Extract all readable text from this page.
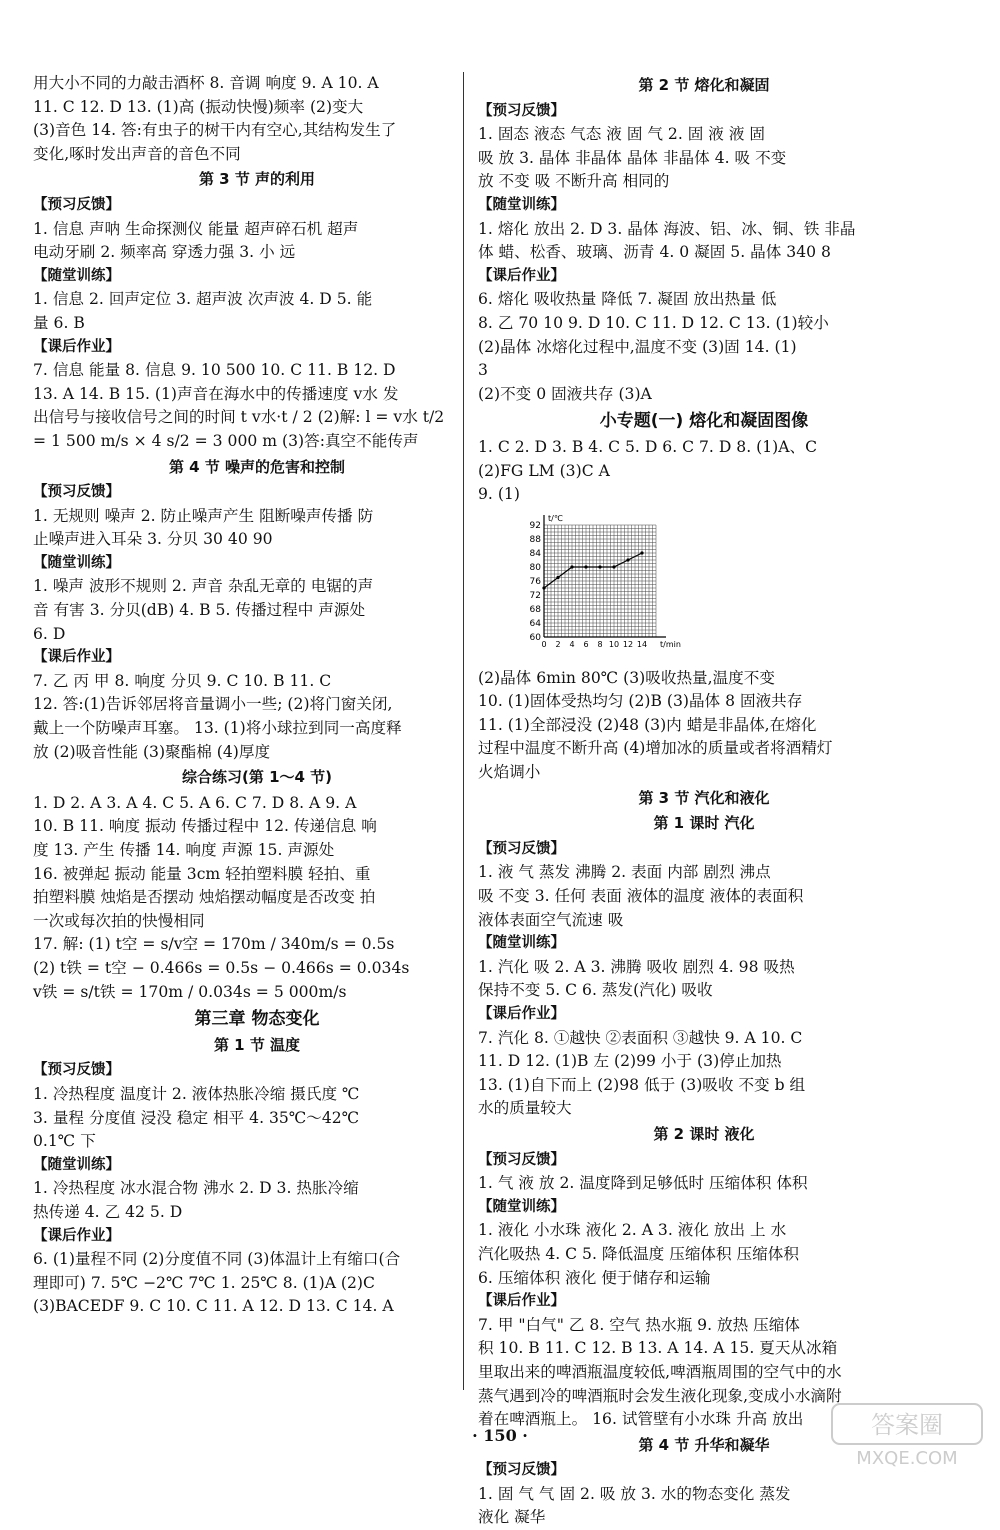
用大小不同的力敲击酒杯 8. 音调 响度 9. A 10. A
11. C 12. D 13. (1)高 (振动快慢)频率 (2)变大
(3)音色 14. 答:有虫子的树干内有空心,其结构发生了
变化,啄时发出声音的音色不同
第 3 节 声的利用
【预习反馈】
1. 信息 声呐 生命探测仪 能量 超声碎石机 超声
电动牙刷 2. 频率高 穿透力强 3. 小 远
【随堂训练】
1. 信息 2. 回声定位 3. 超声波 次声波 4. D 5. 能
量 6. B
【课后作业】
7. 信息 能量 8. 信息 9. 10 500 10. C 11. B 12. D
13. A 14. B 15. (1)声音在海水中的传播速度 v水 发
出信号与接收信号之间的时间 t v水·t / 2 (2)解: l = v水 t/2
= 1 500 m/s × 4 s/2 = 3 000 m (3)答:真空不能传声
第 4 节 噪声的危害和控制
【预习反馈】
1. 无规则 噪声 2. 防止噪声产生 阻断噪声传播 防
止噪声进入耳朵 3. 分贝 30 40 90
【随堂训练】
1. 噪声 波形不规则 2. 声音 杂乱无章的 电锯的声
音 有害 3. 分贝(dB) 4. B 5. 传播过程中 声源处
6. D
【课后作业】
7. 乙 丙 甲 8. 响度 分贝 9. C 10. B 11. C
12. 答:(1)告诉邻居将音量调小一些; (2)将门窗关闭,
戴上一个防噪声耳塞。 13. (1)将小球拉到同一高度释
放 (2)吸音性能 (3)聚酯棉 (4)厚度
综合练习(第 1～4 节)
1. D 2. A 3. A 4. C 5. A 6. C 7. D 8. A 9. A
10. B 11. 响度 振动 传播过程中 12. 传递信息 响
度 13. 产生 传播 14. 响度 声源 15. 声源处
16. 被弹起 振动 能量 3cm 轻拍塑料膜 轻拍、重
拍塑料膜 烛焰是否摆动 烛焰摆动幅度是否改变 拍
一次或每次拍的快慢相同
17. 解: (1) t空 = s/v空 = 170m / 340m/s = 0.5s
(2) t铁 = t空 − 0.466s = 0.5s − 0.466s = 0.034s
v铁 = s/t铁 = 170m / 0.034s = 5 000m/s
第三章 物态变化
第 1 节 温度
【预习反馈】
1. 冷热程度 温度计 2. 液体热胀冷缩 摄氏度 ℃
3. 量程 分度值 浸没 稳定 相平 4. 35℃～42℃
0.1℃ 下
【随堂训练】
1. 冷热程度 冰水混合物 沸水 2. D 3. 热胀冷缩
热传递 4. 乙 42 5. D
【课后作业】
6. (1)量程不同 (2)分度值不同 (3)体温计上有缩口(合
理即可) 7. 5℃ −2℃ 7℃ 1. 25℃ 8. (1)A (2)C
(3)BACEDF 9. C 10. C 11. A 12. D 13. C 14. A
第 2 节 熔化和凝固
【预习反馈】
1. 固态 液态 气态 液 固 气 2. 固 液 液 固
吸 放 3. 晶体 非晶体 晶体 非晶体 4. 吸 不变
放 不变 吸 不断升高 相同的
【随堂训练】
1. 熔化 放出 2. D 3. 晶体 海波、铝、冰、铜、铁 非晶
体 蜡、松香、玻璃、沥青 4. 0 凝固 5. 晶体 340 8
【课后作业】
6. 熔化 吸收热量 降低 7. 凝固 放出热量 低
8. 乙 70 10 9. D 10. C 11. D 12. C 13. (1)较小
(2)晶体 冰熔化过程中,温度不变 (3)固 14. (1)
3
(2)不变 0 固液共存 (3)A
小专题(一) 熔化和凝固图像
1. C 2. D 3. B 4. C 5. D 6. C 7. D 8. (1)A、C
(2)FG LM (3)C A
9. (1)
60
64
68
72
76
80
84
88
92
0 2 4 6 8 10 12 14 t/min
t/℃
(2)晶体 6min 80℃ (3)吸收热量,温度不变
10. (1)固体受热均匀 (2)B (3)晶体 8 固液共存
11. (1)全部浸没 (2)48 (3)内 蜡是非晶体,在熔化
过程中温度不断升高 (4)增加冰的质量或者将酒精灯
火焰调小
第 3 节 汽化和液化
第 1 课时 汽化
【预习反馈】
1. 液 气 蒸发 沸腾 2. 表面 内部 剧烈 沸点
吸 不变 3. 任何 表面 液体的温度 液体的表面积
液体表面空气流速 吸
【随堂训练】
1. 汽化 吸 2. A 3. 沸腾 吸收 剧烈 4. 98 吸热
保持不变 5. C 6. 蒸发(汽化) 吸收
【课后作业】
7. 汽化 8. ①越快 ②表面积 ③越快 9. A 10. C
11. D 12. (1)B 左 (2)99 小于 (3)停止加热
13. (1)自下而上 (2)98 低于 (3)吸收 不变 b 组
水的质量较大
第 2 课时 液化
【预习反馈】
1. 气 液 放 2. 温度降到足够低时 压缩体积 体积
【随堂训练】
1. 液化 小水珠 液化 2. A 3. 液化 放出 上 水
汽化吸热 4. C 5. 降低温度 压缩体积 压缩体积
6. 压缩体积 液化 便于储存和运输
【课后作业】
7. 甲 "白气" 乙 8. 空气 热水瓶 9. 放热 压缩体
积 10. B 11. C 12. B 13. A 14. A 15. 夏天从冰箱
里取出来的啤酒瓶温度较低,啤酒瓶周围的空气中的水
蒸气遇到冷的啤酒瓶时会发生液化现象,变成小水滴附
着在啤酒瓶上。 16. 试管壁有小水珠 升高 放出
第 4 节 升华和凝华
【预习反馈】
1. 固 气 气 固 2. 吸 放 3. 水的物态变化 蒸发
液化 凝华
· 150 ·	答案圈
MXQE.COM
